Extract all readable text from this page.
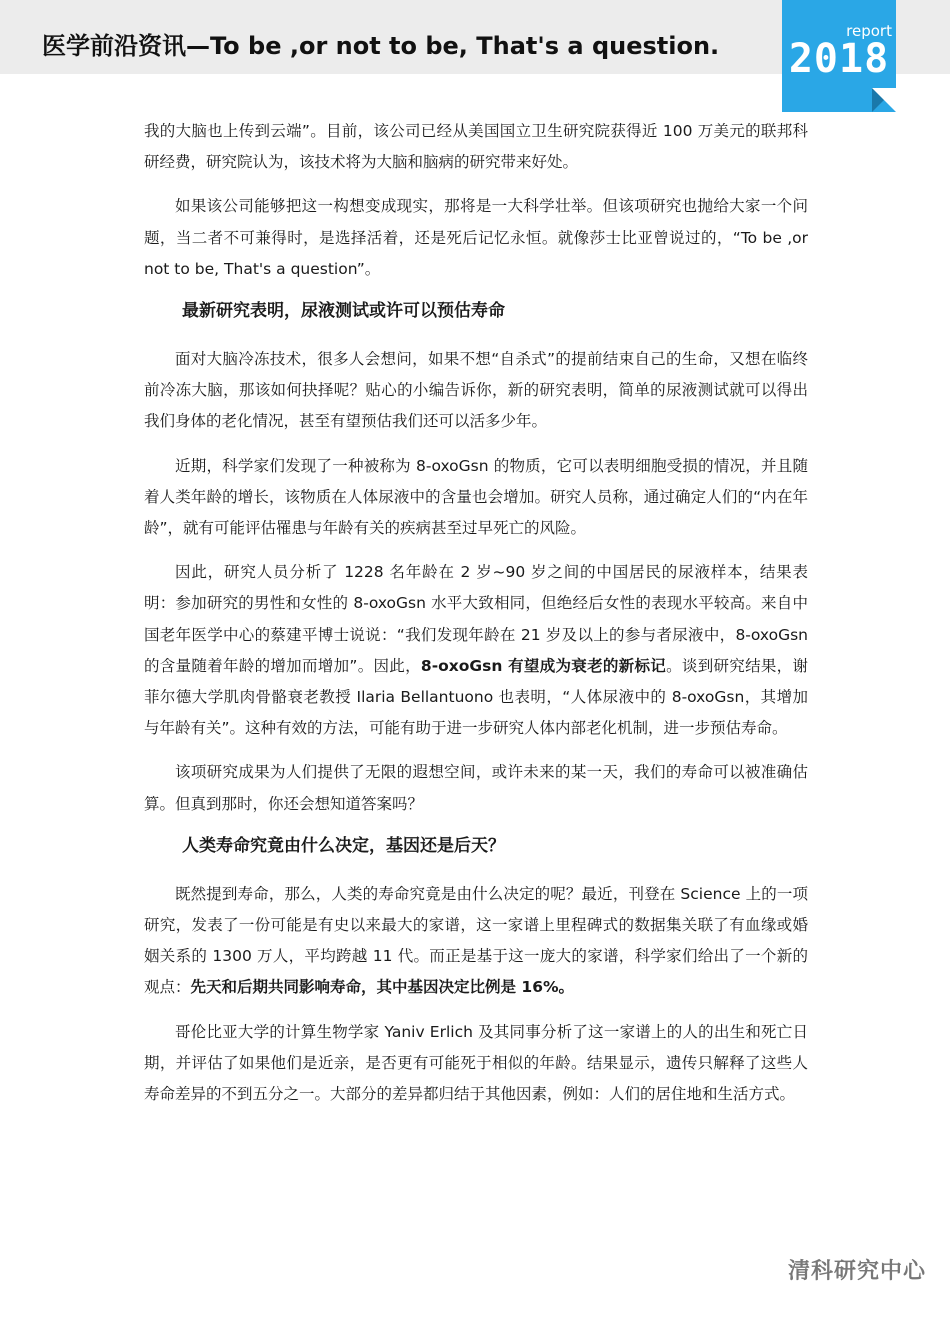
医学前沿资讯—To be ,or not to be, That's a question.
report
2018

我的大脑也上传到云端”。目前，该公司已经从美国国立卫生研究院获得近 100 万美元的联邦科研经费，研究院认为，该技术将为大脑和脑病的研究带来好处。

如果该公司能够把这一构想变成现实，那将是一大科学壮举。但该项研究也抛给大家一个问题，当二者不可兼得时，是选择活着，还是死后记忆永恒。就像莎士比亚曾说过的，“To be ,or not to be, That's a question”。

最新研究表明，尿液测试或许可以预估寿命

面对大脑冷冻技术，很多人会想问，如果不想“自杀式”的提前结束自己的生命，又想在临终前冷冻大脑，那该如何抉择呢？贴心的小编告诉你，新的研究表明，简单的尿液测试就可以得出我们身体的老化情况，甚至有望预估我们还可以活多少年。

近期，科学家们发现了一种被称为 8-oxoGsn 的物质，它可以表明细胞受损的情况，并且随着人类年龄的增长，该物质在人体尿液中的含量也会增加。研究人员称，通过确定人们的“内在年龄”，就有可能评估罹患与年龄有关的疾病甚至过早死亡的风险。

因此，研究人员分析了 1228 名年龄在 2 岁~90 岁之间的中国居民的尿液样本，结果表明：参加研究的男性和女性的 8-oxoGsn 水平大致相同，但绝经后女性的表现水平较高。来自中国老年医学中心的蔡建平博士说说：“我们发现年龄在 21 岁及以上的参与者尿液中，8-oxoGsn 的含量随着年龄的增加而增加”。因此，8-oxoGsn 有望成为衰老的新标记。谈到研究结果，谢菲尔德大学肌肉骨骼衰老教授 Ilaria Bellantuono 也表明，“人体尿液中的 8-oxoGsn，其增加与年龄有关”。这种有效的方法，可能有助于进一步研究人体内部老化机制，进一步预估寿命。

该项研究成果为人们提供了无限的遐想空间，或许未来的某一天，我们的寿命可以被准确估算。但真到那时，你还会想知道答案吗？

人类寿命究竟由什么决定，基因还是后天？

既然提到寿命，那么，人类的寿命究竟是由什么决定的呢？最近，刊登在 Science 上的一项研究，发表了一份可能是有史以来最大的家谱，这一家谱上里程碑式的数据集关联了有血缘或婚姻关系的 1300 万人，平均跨越 11 代。而正是基于这一庞大的家谱，科学家们给出了一个新的观点：先天和后期共同影响寿命，其中基因决定比例是 16%。

哥伦比亚大学的计算生物学家 Yaniv Erlich 及其同事分析了这一家谱上的人的出生和死亡日期，并评估了如果他们是近亲，是否更有可能死于相似的年龄。结果显示，遗传只解释了这些人寿命差异的不到五分之一。大部分的差异都归结于其他因素，例如：人们的居住地和生活方式。

清科研究中心
